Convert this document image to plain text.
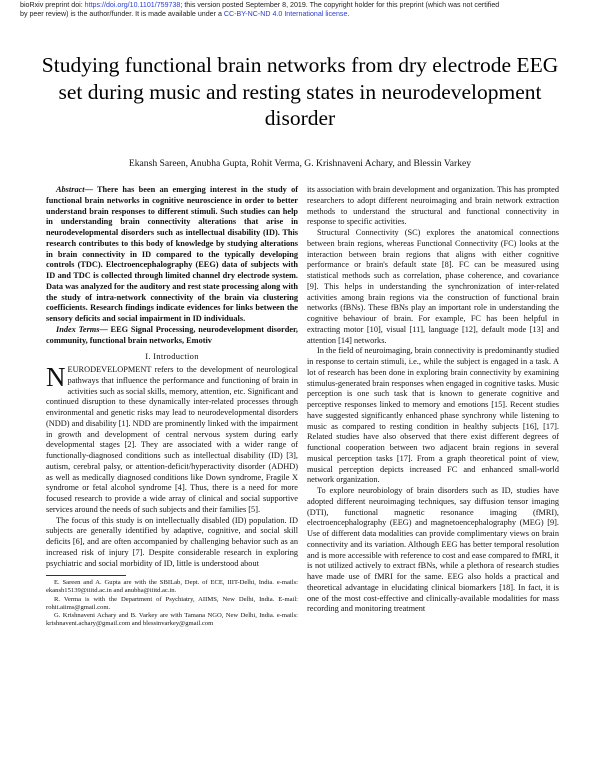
bioRxiv preprint doi: https://doi.org/10.1101/759738; this version posted September 8, 2019. The copyright holder for this preprint (which was not certified by peer review) is the author/funder. It is made available under a CC-BY-NC-ND 4.0 International license.
Studying functional brain networks from dry electrode EEG set during music and resting states in neurodevelopment disorder
Ekansh Sareen, Anubha Gupta, Rohit Verma, G. Krishnaveni Achary, and Blessin Varkey

Abstract— There has been an emerging interest in the study of functional brain networks in cognitive neuroscience in order to better understand brain responses to different stimuli. Such studies can help in understanding brain connectivity alterations that arise in neurodevelopmental disorders such as intellectual disability (ID). This research contributes to this body of knowledge by studying alterations in brain connectivity in ID compared to the typically developing controls (TDC). Electroencephalography (EEG) data of subjects with ID and TDC is collected through limited channel dry electrode system. Data was analyzed for the auditory and rest state processing along with the study of intra-network connectivity of the brain via clustering coefficients. Research findings indicate evidences for links between the sensory deficits and social impairment in ID individuals.

Index Terms— EEG Signal Processing, neurodevelopment disorder, community, functional brain networks, Emotiv

I. Introduction

NEURODEVELOPMENT refers to the development of neurological pathways that influence the performance and functioning of brain in activities such as social skills, memory, attention, etc. Significant and continued disruption to these dynamically inter-related processes through environmental and genetic risks may lead to neurodevelopmental disorders (NDD) and disability [1]. NDD are prominently linked with the impairment in growth and development of central nervous system during early developmental stages [2]. They are associated with a wider range of functionally-diagnosed conditions such as intellectual disability (ID) [3], autism, cerebral palsy, or attention-deficit/hyperactivity disorder (ADHD) as well as medically diagnosed conditions like Down syndrome, Fragile X syndrome or fetal alcohol syndrome [4]. Thus, there is a need for more focused research to provide a wide array of clinical and social supportive services around the needs of such subjects and their families [5].

The focus of this study is on intellectually disabled (ID) population. ID subjects are generally identified by adaptive, cognitive, and social skill deficits [6], and are often accompanied by challenging behavior such as an increased risk of injury [7]. Despite considerable research in exploring psychiatric and social morbidity of ID, little is understood about

E. Sareen and A. Gupta are with the SBILab, Dept. of ECE, IIIT-Delhi, India. e-mails: ekansh15139@iiitd.ac.in and anubha@iiitd.ac.in.

R. Verma is with the Department of Psychiatry, AIIMS, New Delhi, India. E-mail: rohit.aiims@gmail.com.

G. Krishnaveni Achary and B. Varkey are with Tamana NGO, New Delhi, India. e-mails: krishnaveni.achary@gmail.com and blessinvarkey@gmail.com

its association with brain development and organization. This has prompted researchers to adopt different neuroimaging and brain network extraction methods to understand the structural and functional connectivity in response to specific activities.

Structural Connectivity (SC) explores the anatomical connections between brain regions, whereas Functional Connectivity (FC) looks at the interaction between brain regions that aligns with either cognitive performance or brain's default state [8]. FC can be measured using statistical methods such as correlation, phase coherence, and covariance [9]. This helps in understanding the synchronization of inter-related activities among brain regions via the construction of functional brain networks (fBNs). These fBNs play an important role in understanding the cognitive behaviour of brain. For example, FC has been helpful in extracting motor [10], visual [11], language [12], default mode [13] and attention [14] networks.

In the field of neuroimaging, brain connectivity is predominantly studied in response to certain stimuli, i.e., while the subject is engaged in a task. A lot of research has been done in exploring brain connectivity by examining stimulus-generated brain responses when engaged in cognitive tasks. Music perception is one such task that is known to generate cognitive and perceptive responses linked to memory and emotions [15]. Recent studies have suggested significantly enhanced phase synchrony while listening to music as compared to resting condition in healthy subjects [16], [17]. Related studies have also observed that there exist different degrees of functional cooperation between two adjacent brain regions in several musical perception tasks [17]. From a graph theoretical point of view, musical perception depicts increased FC and enhanced small-world network organization.

To explore neurobiology of brain disorders such as ID, studies have adopted different neuroimaging techniques, say diffusion tensor imaging (DTI), functional magnetic resonance imaging (fMRI), electroencephalography (EEG) and magnetoencephalography (MEG) [9]. Use of different data modalities can provide complimentary views on brain connectivity and its variation. Although EEG has better temporal resolution and is more accessible with reference to cost and ease compared to fMRI, it is not utilized actively to extract fBNs, while a plethora of research studies have made use of fMRI for the same. EEG also holds a practical and theoretical advantage in elucidating clinical biomarkers [18]. In fact, it is one of the most cost-effective and clinically-available modalities for mass recording and monitoring treatment
